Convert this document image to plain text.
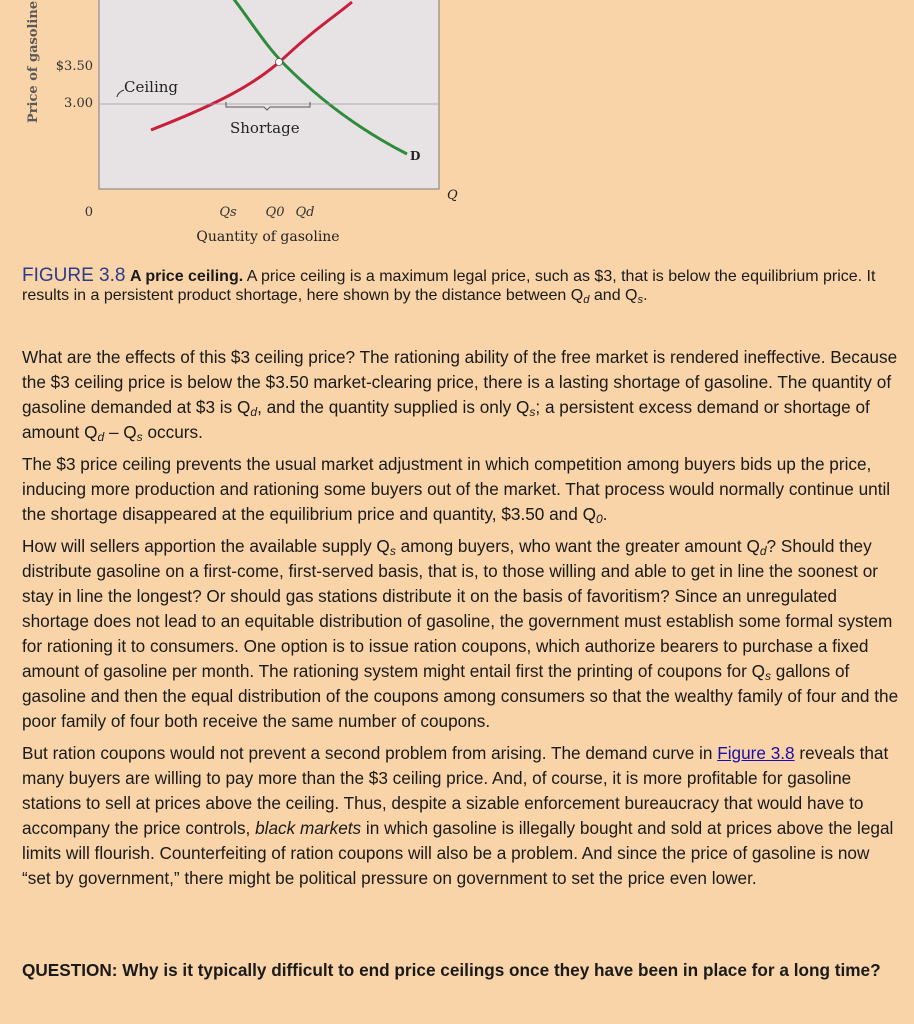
Price of gasoline $3.50
3.00
0
Ceiling
Shortage
D
Q
Qs Q0 Qd
Quantity of gasoline
FIGURE 3.8 A price ceiling. A price ceiling is a maximum legal price, such as $3, that is below the equilibrium price. It results in a persistent product shortage, here shown by the distance between $Q_d$ and $Q_s$.

What are the effects of this $3 ceiling price? The rationing ability of the free market is rendered ineffective. Because the $3 ceiling price is below the $3.50 market-clearing price, there is a lasting shortage of gasoline. The quantity of gasoline demanded at $3 is $Q_d$, and the quantity supplied is only $Q_s$; a persistent excess demand or shortage of amount $Q_d - Q_s$ occurs.

The $3 price ceiling prevents the usual market adjustment in which competition among buyers bids up the price, inducing more production and rationing some buyers out of the market. That process would normally continue until the shortage disappeared at the equilibrium price and quantity, $3.50 and $Q_0$.

How will sellers apportion the available supply $Q_s$ among buyers, who want the greater amount $Q_d$? Should they distribute gasoline on a first-come, first-served basis, that is, to those willing and able to get in line the soonest or stay in line the longest? Or should gas stations distribute it on the basis of favoritism? Since an unregulated shortage does not lead to an equitable distribution of gasoline, the government must establish some formal system for rationing it to consumers. One option is to issue ration coupons, which authorize bearers to purchase a fixed amount of gasoline per month. The rationing system might entail first the printing of coupons for $Q_s$ gallons of gasoline and then the equal distribution of the coupons among consumers so that the wealthy family of four and the poor family of four both receive the same number of coupons.

But ration coupons would not prevent a second problem from arising. The demand curve in Figure 3.8 reveals that many buyers are willing to pay more than the $3 ceiling price. And, of course, it is more profitable for gasoline stations to sell at prices above the ceiling. Thus, despite a sizable enforcement bureaucracy that would have to accompany the price controls, black markets in which gasoline is illegally bought and sold at prices above the legal limits will flourish. Counterfeiting of ration coupons will also be a problem. And since the price of gasoline is now “set by government,” there might be political pressure on government to set the price even lower.

QUESTION: Why is it typically difficult to end price ceilings once they have been in place for a long time?
